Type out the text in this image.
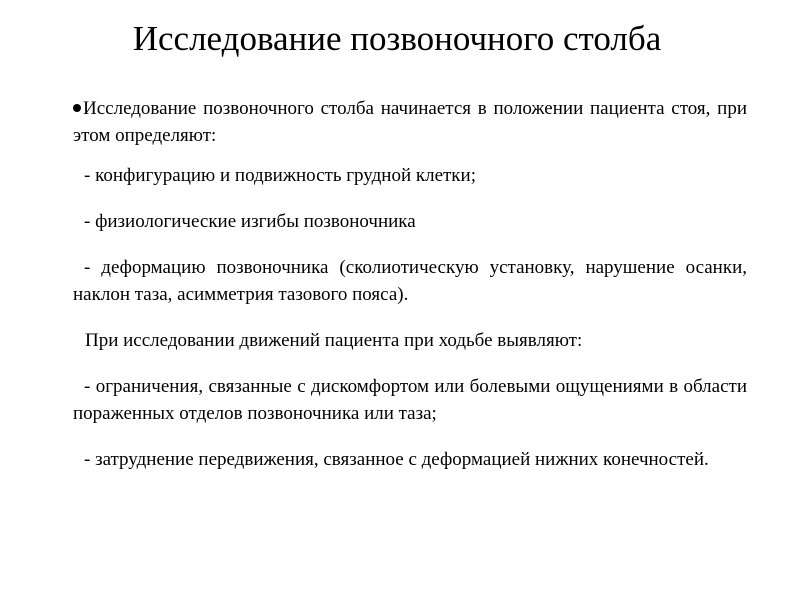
Исследование позвоночного столба

Исследование позвоночного столба начинается в положении пациента стоя, при этом определяют:

- конфигурацию и подвижность грудной клетки;

- физиологические изгибы позвоночника

- деформацию позвоночника (сколиотическую установку, нарушение осанки, наклон таза, асимметрия тазового пояса).

При исследовании движений пациента при ходьбе выявляют:

- ограничения, связанные с дискомфортом или болевыми ощущениями в области пораженных отделов позвоночника или таза;

- затруднение передвижения, связанное с деформацией нижних конечностей.
